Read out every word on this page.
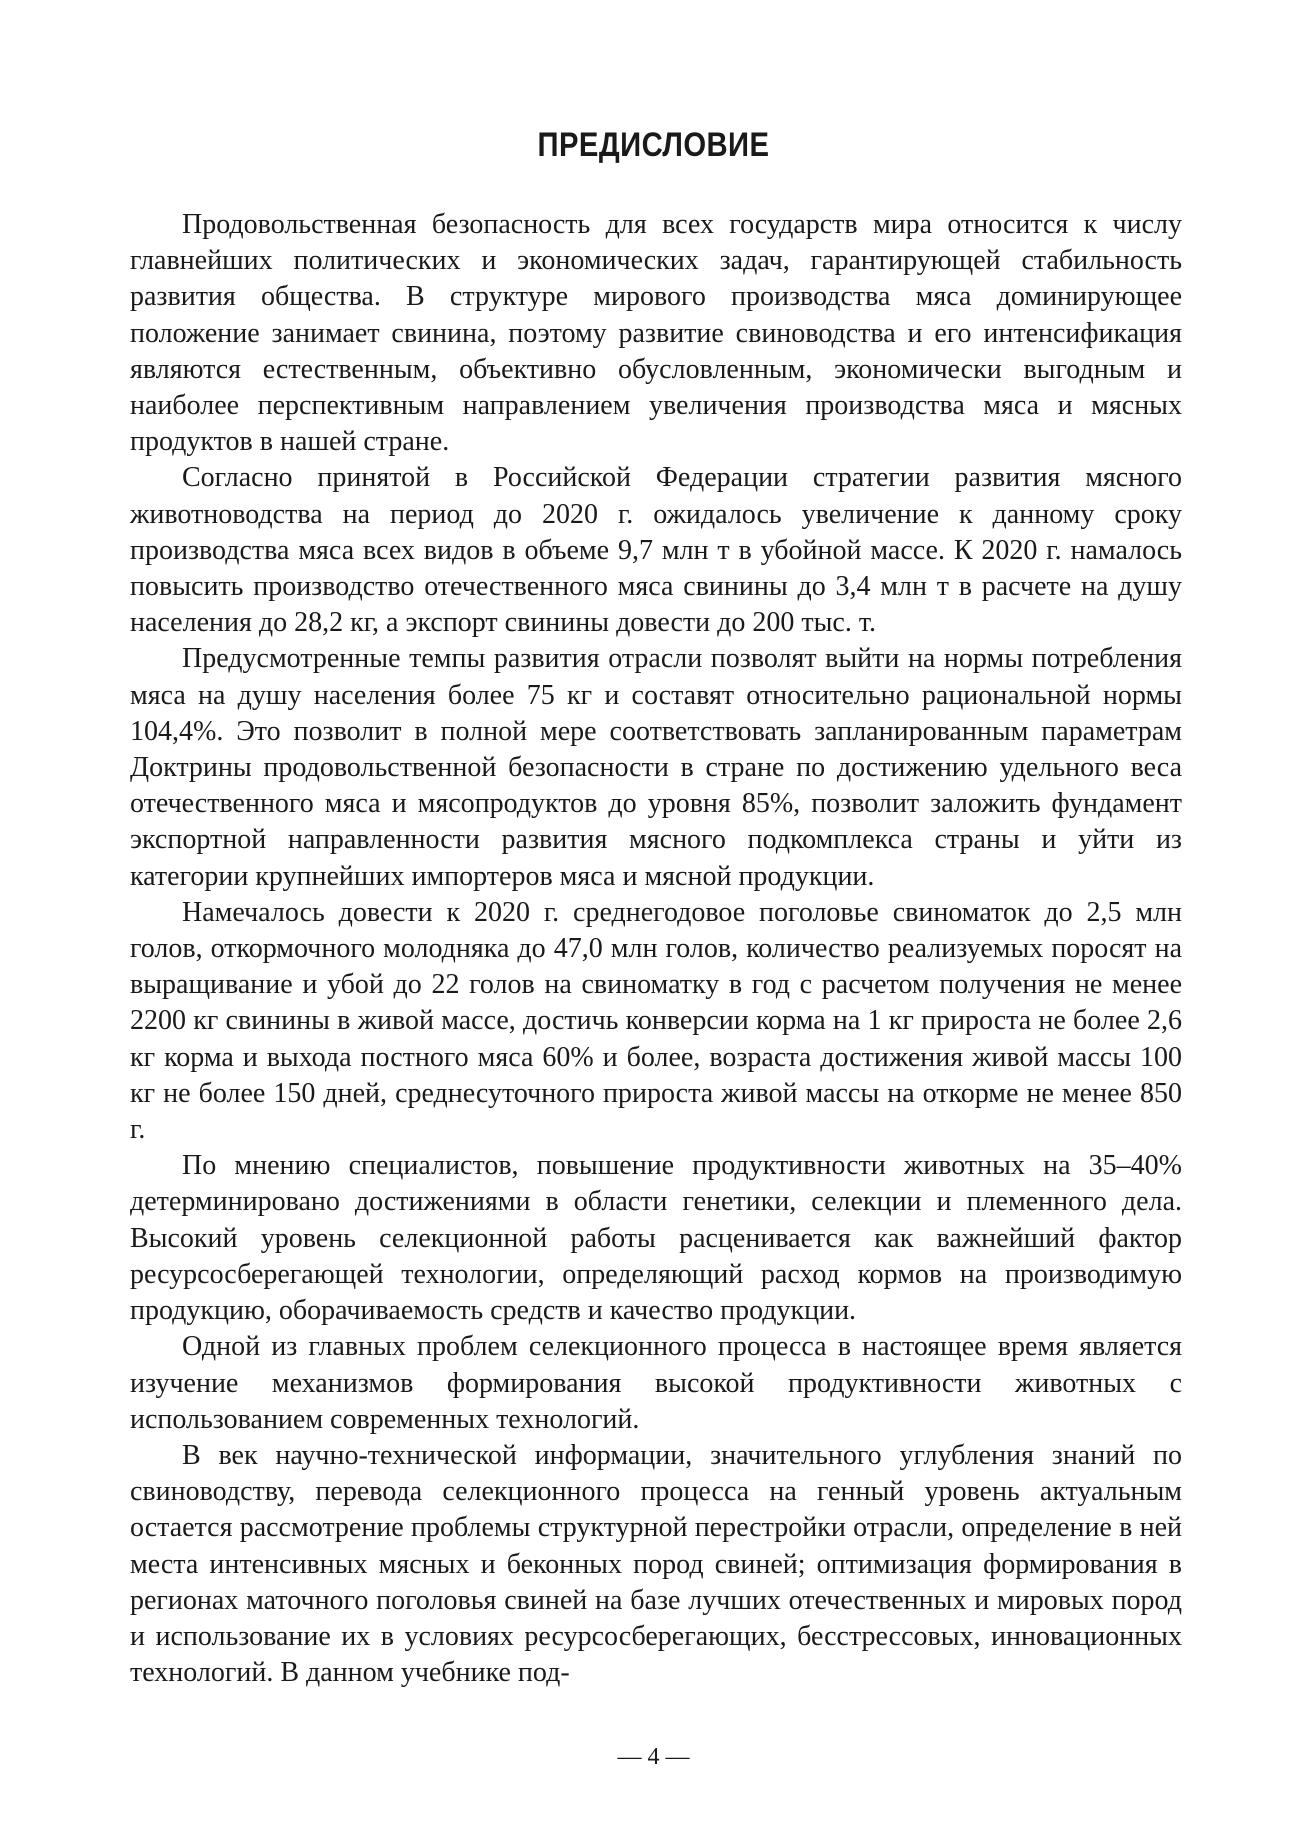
ПРЕДИСЛОВИЕ

Продовольственная безопасность для всех государств мира относится к числу главнейших политических и экономических задач, гарантирующей стабильность развития общества. В структуре мирового производства мяса доминирующее положение занимает свинина, поэтому развитие свиноводства и его интенсификация являются естественным, объективно обусловленным, экономически выгодным и наиболее перспективным направлением увеличения производства мяса и мясных продуктов в нашей стране.

Согласно принятой в Российской Федерации стратегии развития мясного животноводства на период до 2020 г. ожидалось увеличение к данному сроку производства мяса всех видов в объеме 9,7 млн т в убойной массе. К 2020 г. намалось повысить производство отечественного мяса свинины до 3,4 млн т в расчете на душу населения до 28,2 кг, а экспорт свинины довести до 200 тыс. т.

Предусмотренные темпы развития отрасли позволят выйти на нормы потребления мяса на душу населения более 75 кг и составят относительно рациональной нормы 104,4%. Это позволит в полной мере соответствовать запланированным параметрам Доктрины продовольственной безопасности в стране по достижению удельного веса отечественного мяса и мясопродуктов до уровня 85%, позволит заложить фундамент экспортной направленности развития мясного подкомплекса страны и уйти из категории крупнейших импортеров мяса и мясной продукции.

Намечалось довести к 2020 г. среднегодовое поголовье свиноматок до 2,5 млн голов, откормочного молодняка до 47,0 млн голов, количество реализуемых поросят на выращивание и убой до 22 голов на свиноматку в год с расчетом получения не менее 2200 кг свинины в живой массе, достичь конверсии корма на 1 кг прироста не более 2,6 кг корма и выхода постного мяса 60% и более, возраста достижения живой массы 100 кг не более 150 дней, среднесуточного прироста живой массы на откорме не менее 850 г.

По мнению специалистов, повышение продуктивности животных на 35–40% детерминировано достижениями в области генетики, селекции и племенного дела. Высокий уровень селекционной работы расценивается как важнейший фактор ресурсосберегающей технологии, определяющий расход кормов на производимую продукцию, оборачиваемость средств и качество продукции.

Одной из главных проблем селекционного процесса в настоящее время является изучение механизмов формирования высокой продуктивности животных с использованием современных технологий.

В век научно-технической информации, значительного углубления знаний по свиноводству, перевода селекционного процесса на генный уровень актуальным остается рассмотрение проблемы структурной перестройки отрасли, определение в ней места интенсивных мясных и беконных пород свиней; оптимизация формирования в регионах маточного поголовья свиней на базе лучших отечественных и мировых пород и использование их в условиях ресурсосберегающих, бесстрессовых, инновационных технологий. В данном учебнике под-

— 4 —
